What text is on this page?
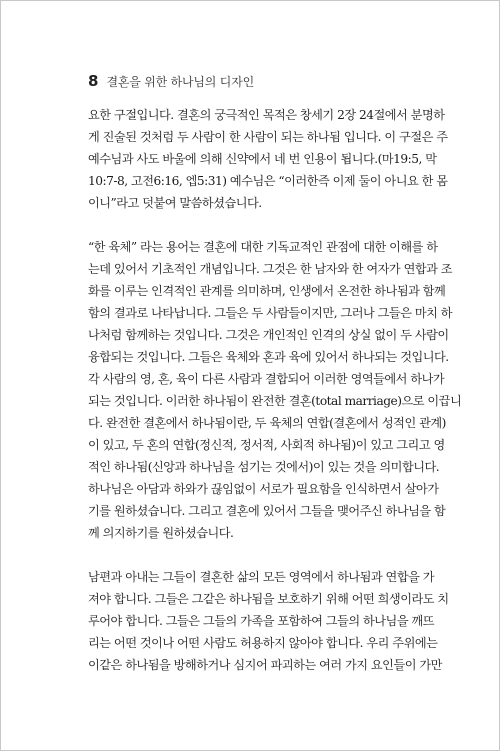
8 결혼을 위한 하나님의 디자인
요한 구절입니다. 결혼의 궁극적인 목적은 창세기 2장 24절에서 분명하
게 진술된 것처럼 두 사람이 한 사람이 되는 하나됨 입니다. 이 구절은 주
예수님과 사도 바울에 의해 신약에서 네 번 인용이 됩니다.(마19:5, 막
10:7-8, 고전6:16, 엡5:31) 예수님은 “이러한즉 이제 둘이 아니요 한 몸
이니”라고 덧붙여 말씀하셨습니다.
“한 육체” 라는 용어는 결혼에 대한 기독교적인 관점에 대한 이해를 하
는데 있어서 기초적인 개념입니다. 그것은 한 남자와 한 여자가 연합과 조
화를 이루는 인격적인 관계를 의미하며, 인생에서 온전한 하나됨과 함께
함의 결과로 나타납니다. 그들은 두 사람들이지만, 그러나 그들은 마치 하
나처럼 함께하는 것입니다. 그것은 개인적인 인격의 상실 없이 두 사람이
융합되는 것입니다. 그들은 육체와 혼과 육에 있어서 하나되는 것입니다.
각 사람의 영, 혼, 육이 다른 사람과 결합되어 이러한 영역들에서 하나가
되는 것입니다. 이러한 하나됨이 완전한 결혼(total marriage)으로 이끕니
다. 완전한 결혼에서 하나됨이란, 두 육체의 연합(결혼에서 성적인 관계)
이 있고, 두 혼의 연합(정신적, 정서적, 사회적 하나됨)이 있고 그리고 영
적인 하나됨(신앙과 하나님을 섬기는 것에서)이 있는 것을 의미합니다.
하나님은 아담과 하와가 끊임없이 서로가 필요함을 인식하면서 살아가
기를 원하셨습니다. 그리고 결혼에 있어서 그들을 맺어주신 하나님을 함
께 의지하기를 원하셨습니다.
남편과 아내는 그들이 결혼한 삶의 모든 영역에서 하나됨과 연합을 가
져야 합니다. 그들은 그같은 하나됨을 보호하기 위해 어떤 희생이라도 치
루어야 합니다. 그들은 그들의 가족을 포함하여 그들의 하나님을 깨뜨
리는 어떤 것이나 어떤 사람도 허용하지 않아야 합니다. 우리 주위에는
이같은 하나됨을 방해하거나 심지어 파괴하는 여러 가지 요인들이 가만
